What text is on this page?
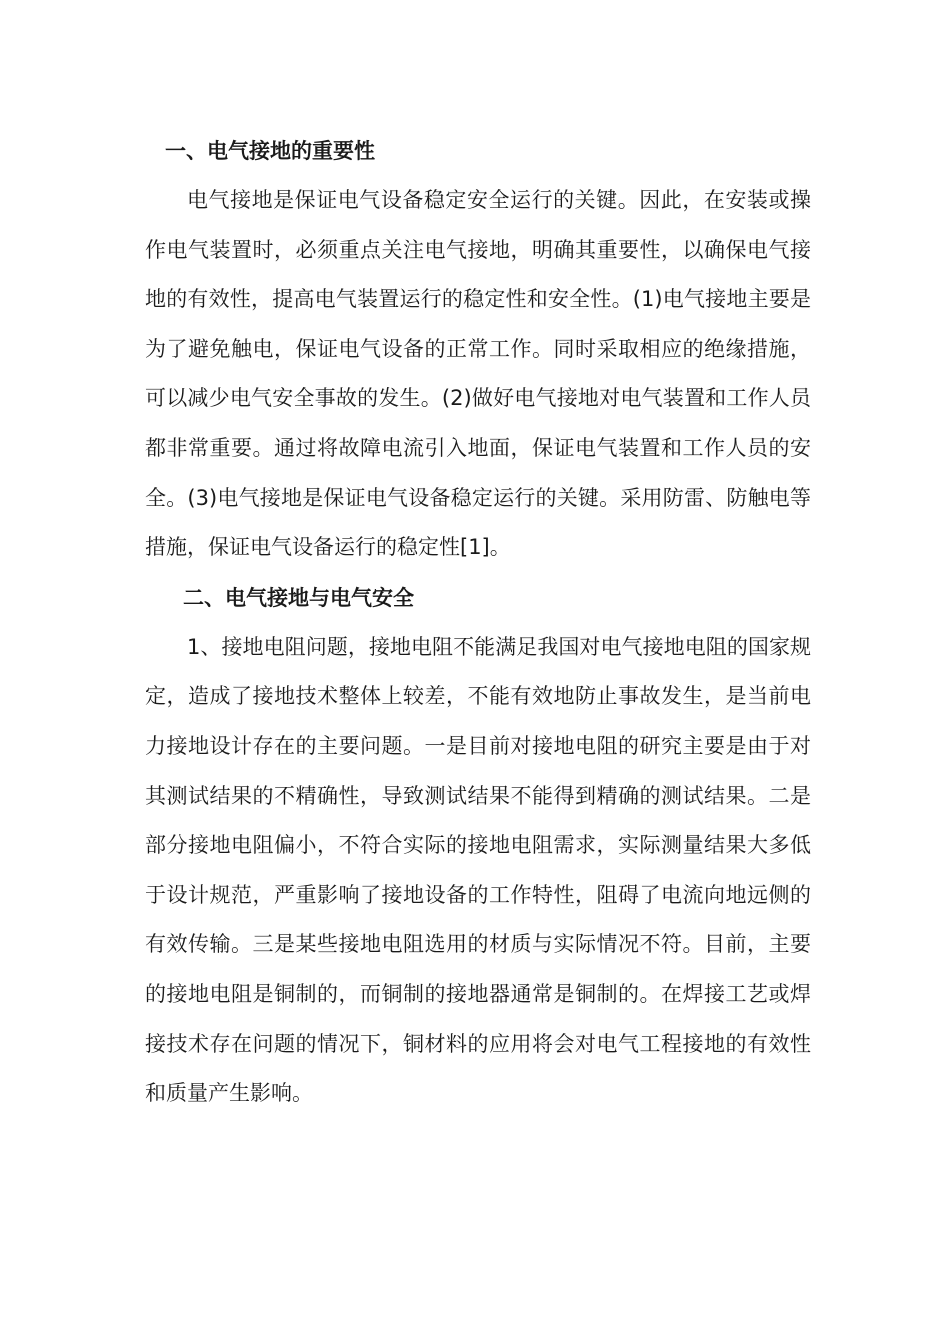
一、电气接地的重要性

电气接地是保证电气设备稳定安全运行的关键。因此，在安装或操作电气装置时，必须重点关注电气接地，明确其重要性，以确保电气接地的有效性，提高电气装置运行的稳定性和安全性。(1)电气接地主要是为了避免触电，保证电气设备的正常工作。同时采取相应的绝缘措施，可以减少电气安全事故的发生。(2)做好电气接地对电气装置和工作人员都非常重要。通过将故障电流引入地面，保证电气装置和工作人员的安全。(3)电气接地是保证电气设备稳定运行的关键。采用防雷、防触电等措施，保证电气设备运行的稳定性[1]。

二、电气接地与电气安全

1、接地电阻问题，接地电阻不能满足我国对电气接地电阻的国家规定，造成了接地技术整体上较差，不能有效地防止事故发生，是当前电力接地设计存在的主要问题。一是目前对接地电阻的研究主要是由于对其测试结果的不精确性，导致测试结果不能得到精确的测试结果。二是部分接地电阻偏小，不符合实际的接地电阻需求，实际测量结果大多低于设计规范，严重影响了接地设备的工作特性，阻碍了电流向地远侧的有效传输。三是某些接地电阻选用的材质与实际情况不符。目前，主要的接地电阻是铜制的，而铜制的接地器通常是铜制的。在焊接工艺或焊接技术存在问题的情况下，铜材料的应用将会对电气工程接地的有效性和质量产生影响。
